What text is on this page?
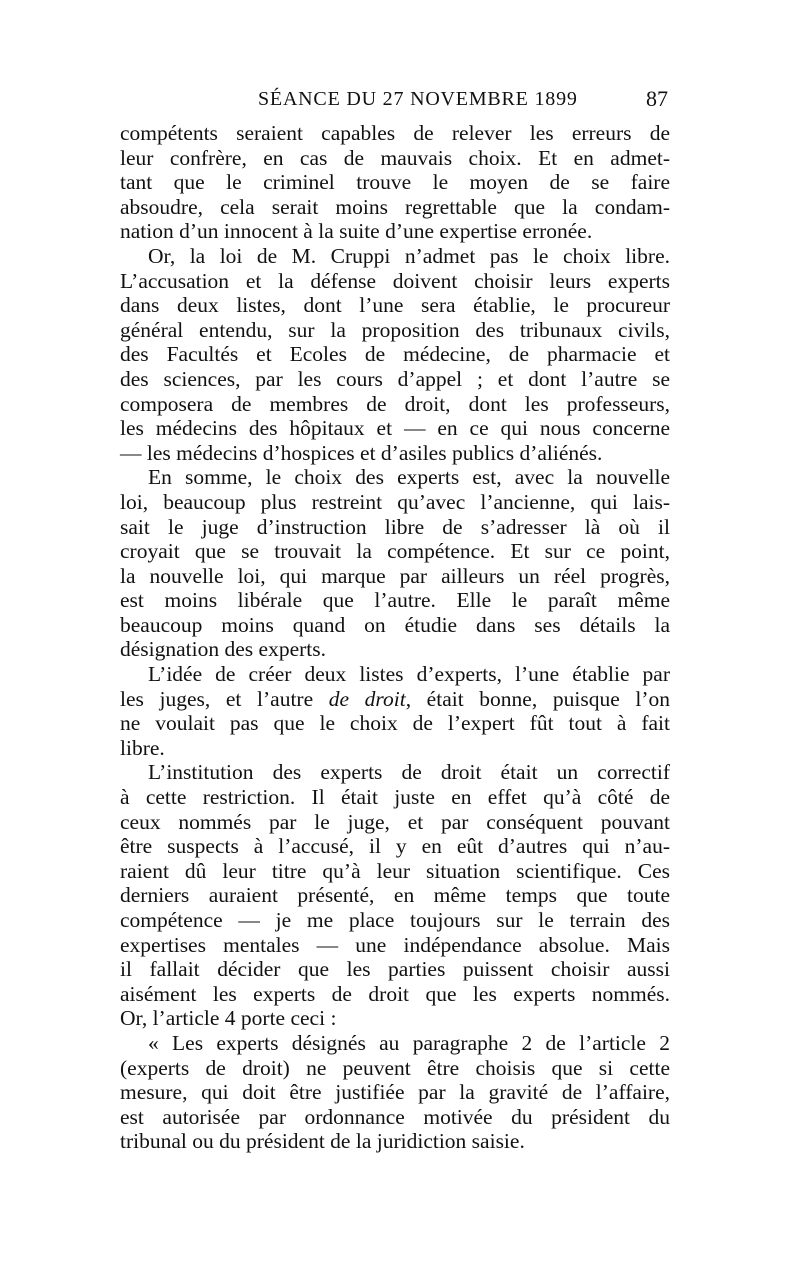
SÉANCE DU 27 NOVEMBRE 1899	87
compétents seraient capables de relever les erreurs de
leur confrère, en cas de mauvais choix. Et en admet-
tant que le criminel trouve le moyen de se faire
absoudre, cela serait moins regrettable que la condam-
nation d’un innocent à la suite d’une expertise erronée.
Or, la loi de M. Cruppi n’admet pas le choix libre.
L’accusation et la défense doivent choisir leurs experts
dans deux listes, dont l’une sera établie, le procureur
général entendu, sur la proposition des tribunaux civils,
des Facultés et Ecoles de médecine, de pharmacie et
des sciences, par les cours d’appel ; et dont l’autre se
composera de membres de droit, dont les professeurs,
les médecins des hôpitaux et — en ce qui nous concerne
— les médecins d’hospices et d’asiles publics d’aliénés.
En somme, le choix des experts est, avec la nouvelle
loi, beaucoup plus restreint qu’avec l’ancienne, qui lais-
sait le juge d’instruction libre de s’adresser là où il
croyait que se trouvait la compétence. Et sur ce point,
la nouvelle loi, qui marque par ailleurs un réel progrès,
est moins libérale que l’autre. Elle le paraît même
beaucoup moins quand on étudie dans ses détails la
désignation des experts.
L’idée de créer deux listes d’experts, l’une établie par
les juges, et l’autre de droit, était bonne, puisque l’on
ne voulait pas que le choix de l’expert fût tout à fait
libre.
L’institution des experts de droit était un correctif
à cette restriction. Il était juste en effet qu’à côté de
ceux nommés par le juge, et par conséquent pouvant
être suspects à l’accusé, il y en eût d’autres qui n’au-
raient dû leur titre qu’à leur situation scientifique. Ces
derniers auraient présenté, en même temps que toute
compétence — je me place toujours sur le terrain des
expertises mentales — une indépendance absolue. Mais
il fallait décider que les parties puissent choisir aussi
aisément les experts de droit que les experts nommés.
Or, l’article 4 porte ceci :
« Les experts désignés au paragraphe 2 de l’article 2
(experts de droit) ne peuvent être choisis que si cette
mesure, qui doit être justifiée par la gravité de l’affaire,
est autorisée par ordonnance motivée du président du
tribunal ou du président de la juridiction saisie.
